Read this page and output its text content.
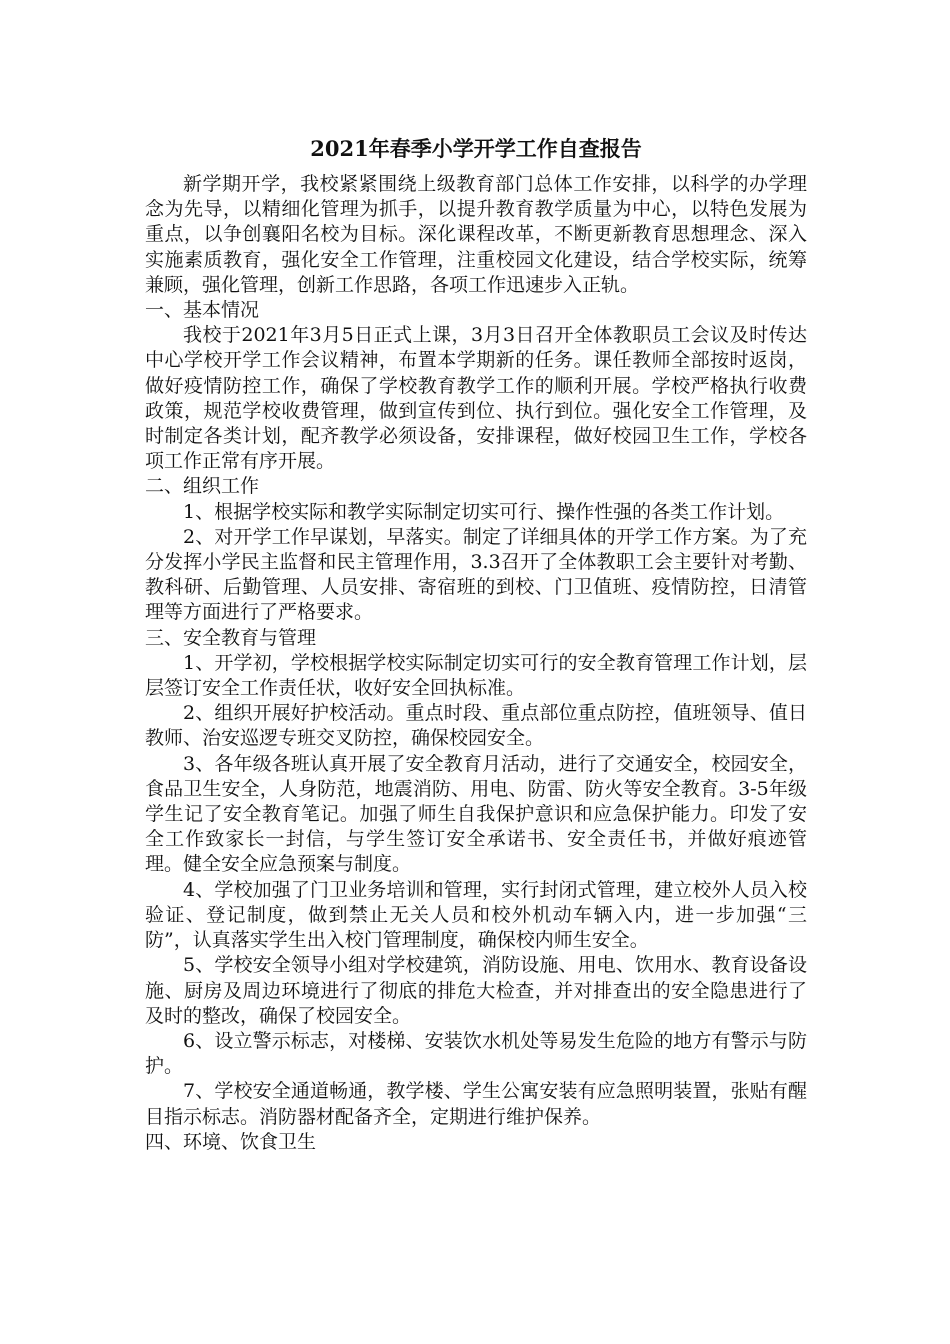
2021年春季小学开学工作自查报告

新学期开学，我校紧紧围绕上级教育部门总体工作安排，以科学的办学理念为先导，以精细化管理为抓手，以提升教育教学质量为中心，以特色发展为重点，以争创襄阳名校为目标。深化课程改革，不断更新教育思想理念、深入实施素质教育，强化安全工作管理，注重校园文化建设，结合学校实际，统筹兼顾，强化管理，创新工作思路，各项工作迅速步入正轨。

一、基本情况

我校于2021年3月5日正式上课，3月3日召开全体教职员工会议及时传达中心学校开学工作会议精神，布置本学期新的任务。课任教师全部按时返岗，做好疫情防控工作，确保了学校教育教学工作的顺利开展。学校严格执行收费政策，规范学校收费管理，做到宣传到位、执行到位。强化安全工作管理，及时制定各类计划，配齐教学必须设备，安排课程，做好校园卫生工作，学校各项工作正常有序开展。

二、组织工作

1、根据学校实际和教学实际制定切实可行、操作性强的各类工作计划。

2、对开学工作早谋划，早落实。制定了详细具体的开学工作方案。为了充分发挥小学民主监督和民主管理作用，3.3召开了全体教职工会主要针对考勤、教科研、后勤管理、人员安排、寄宿班的到校、门卫值班、疫情防控，日清管理等方面进行了严格要求。

三、安全教育与管理

1、开学初，学校根据学校实际制定切实可行的安全教育管理工作计划，层层签订安全工作责任状，收好安全回执标准。

2、组织开展好护校活动。重点时段、重点部位重点防控，值班领导、值日教师、治安巡逻专班交叉防控，确保校园安全。

3、各年级各班认真开展了安全教育月活动，进行了交通安全，校园安全，食品卫生安全，人身防范，地震消防、用电、防雷、防火等安全教育。3-5年级学生记了安全教育笔记。加强了师生自我保护意识和应急保护能力。印发了安全工作致家长一封信，与学生签订安全承诺书、安全责任书，并做好痕迹管理。健全安全应急预案与制度。

4、学校加强了门卫业务培训和管理，实行封闭式管理，建立校外人员入校验证、登记制度，做到禁止无关人员和校外机动车辆入内，进一步加强“三防”，认真落实学生出入校门管理制度，确保校内师生安全。

5、学校安全领导小组对学校建筑，消防设施、用电、饮用水、教育设备设施、厨房及周边环境进行了彻底的排危大检查，并对排查出的安全隐患进行了及时的整改，确保了校园安全。

6、设立警示标志，对楼梯、安装饮水机处等易发生危险的地方有警示与防护。

7、学校安全通道畅通，教学楼、学生公寓安装有应急照明装置，张贴有醒目指示标志。消防器材配备齐全，定期进行维护保养。

四、环境、饮食卫生
